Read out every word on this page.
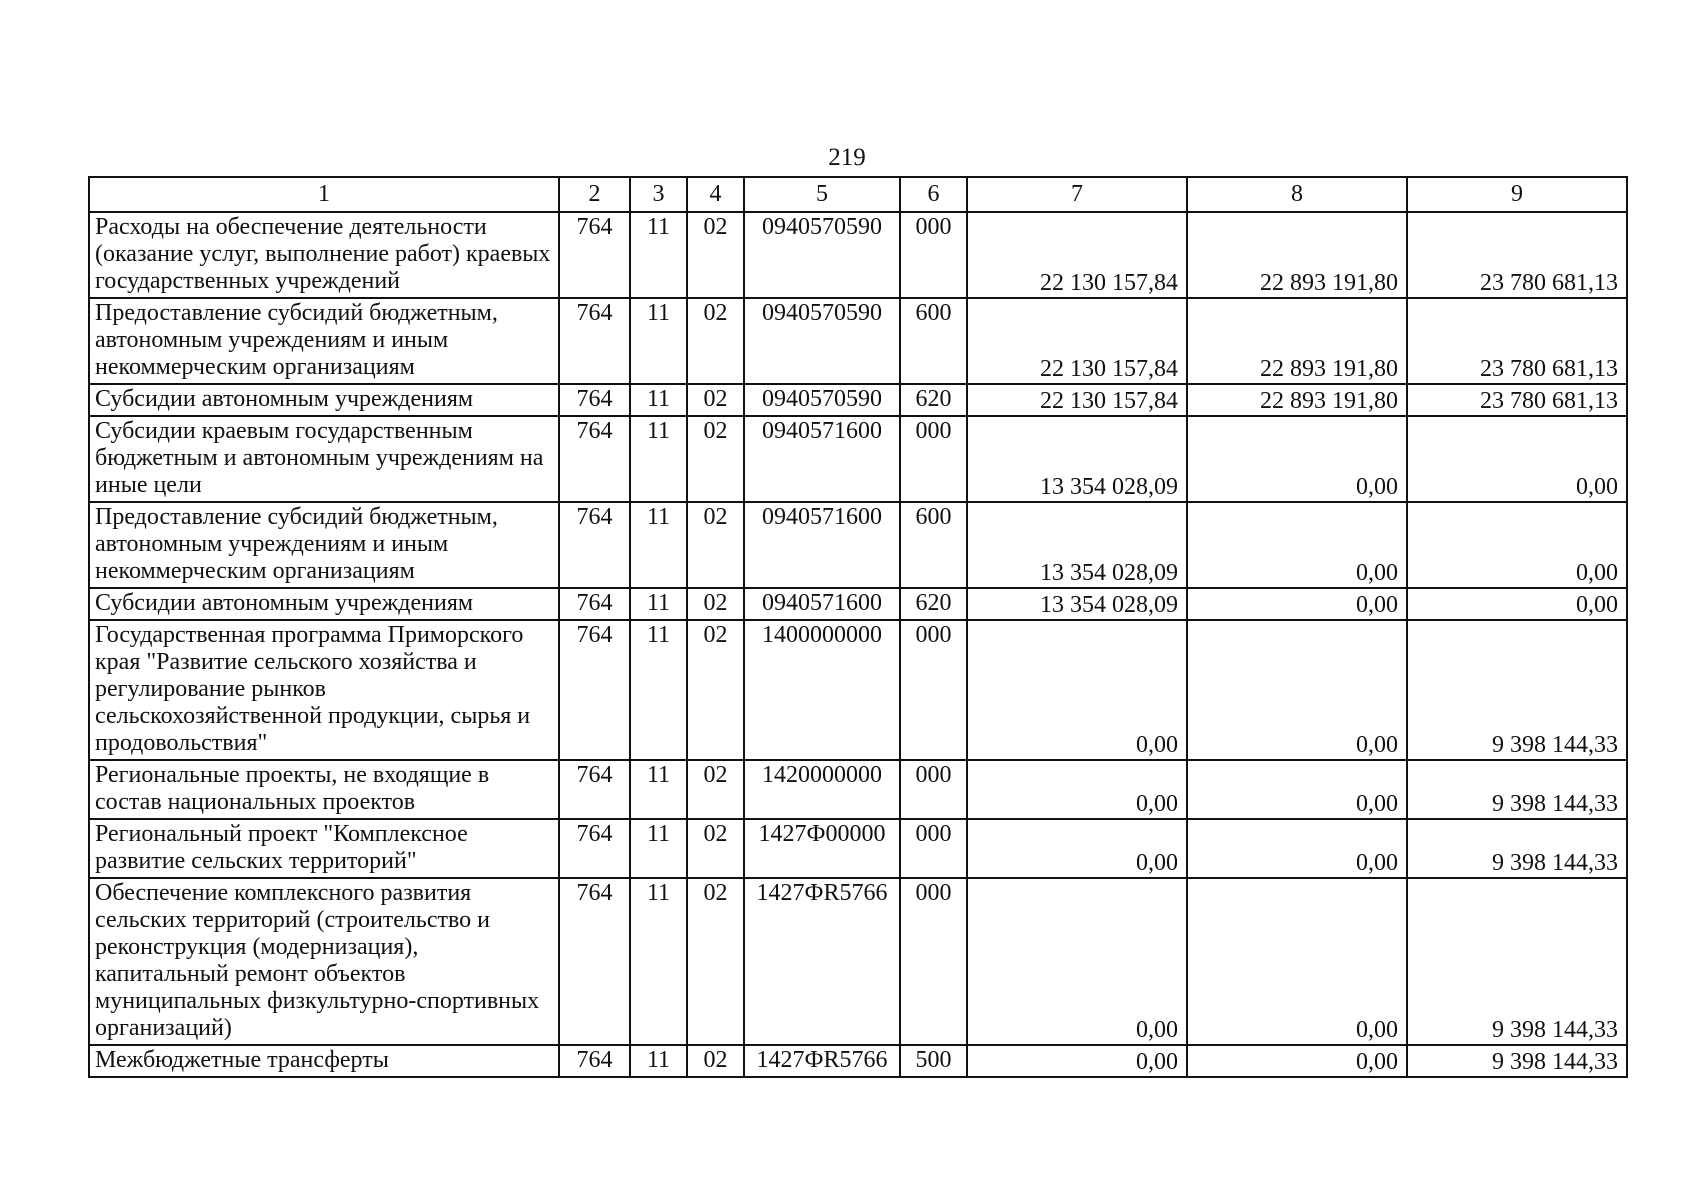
219
1	2	3	4	5	6	7	8	9
Расходы на обеспечение деятельности (оказание услуг, выполнение работ) краевых государственных учреждений	764	11	02	0940570590	000	22 130 157,84	22 893 191,80	23 780 681,13
Предоставление субсидий бюджетным, автономным учреждениям и иным некоммерческим организациям	764	11	02	0940570590	600	22 130 157,84	22 893 191,80	23 780 681,13
Субсидии автономным учреждениям	764	11	02	0940570590	620	22 130 157,84	22 893 191,80	23 780 681,13
Субсидии краевым государственным бюджетным и автономным учреждениям на иные цели	764	11	02	0940571600	000	13 354 028,09	0,00	0,00
Предоставление субсидий бюджетным, автономным учреждениям и иным некоммерческим организациям	764	11	02	0940571600	600	13 354 028,09	0,00	0,00
Субсидии автономным учреждениям	764	11	02	0940571600	620	13 354 028,09	0,00	0,00
Государственная программа Приморского края "Развитие сельского хозяйства и регулирование рынков сельскохозяйственной продукции, сырья и продовольствия"	764	11	02	1400000000	000	0,00	0,00	9 398 144,33
Региональные проекты, не входящие в состав национальных проектов	764	11	02	1420000000	000	0,00	0,00	9 398 144,33
Региональный проект "Комплексное развитие сельских территорий"	764	11	02	1427Ф00000	000	0,00	0,00	9 398 144,33
Обеспечение комплексного развития сельских территорий (строительство и реконструкция (модернизация), капитальный ремонт объектов муниципальных физкультурно-спортивных организаций)	764	11	02	1427ФR5766	000	0,00	0,00	9 398 144,33
Межбюджетные трансферты	764	11	02	1427ФR5766	500	0,00	0,00	9 398 144,33
